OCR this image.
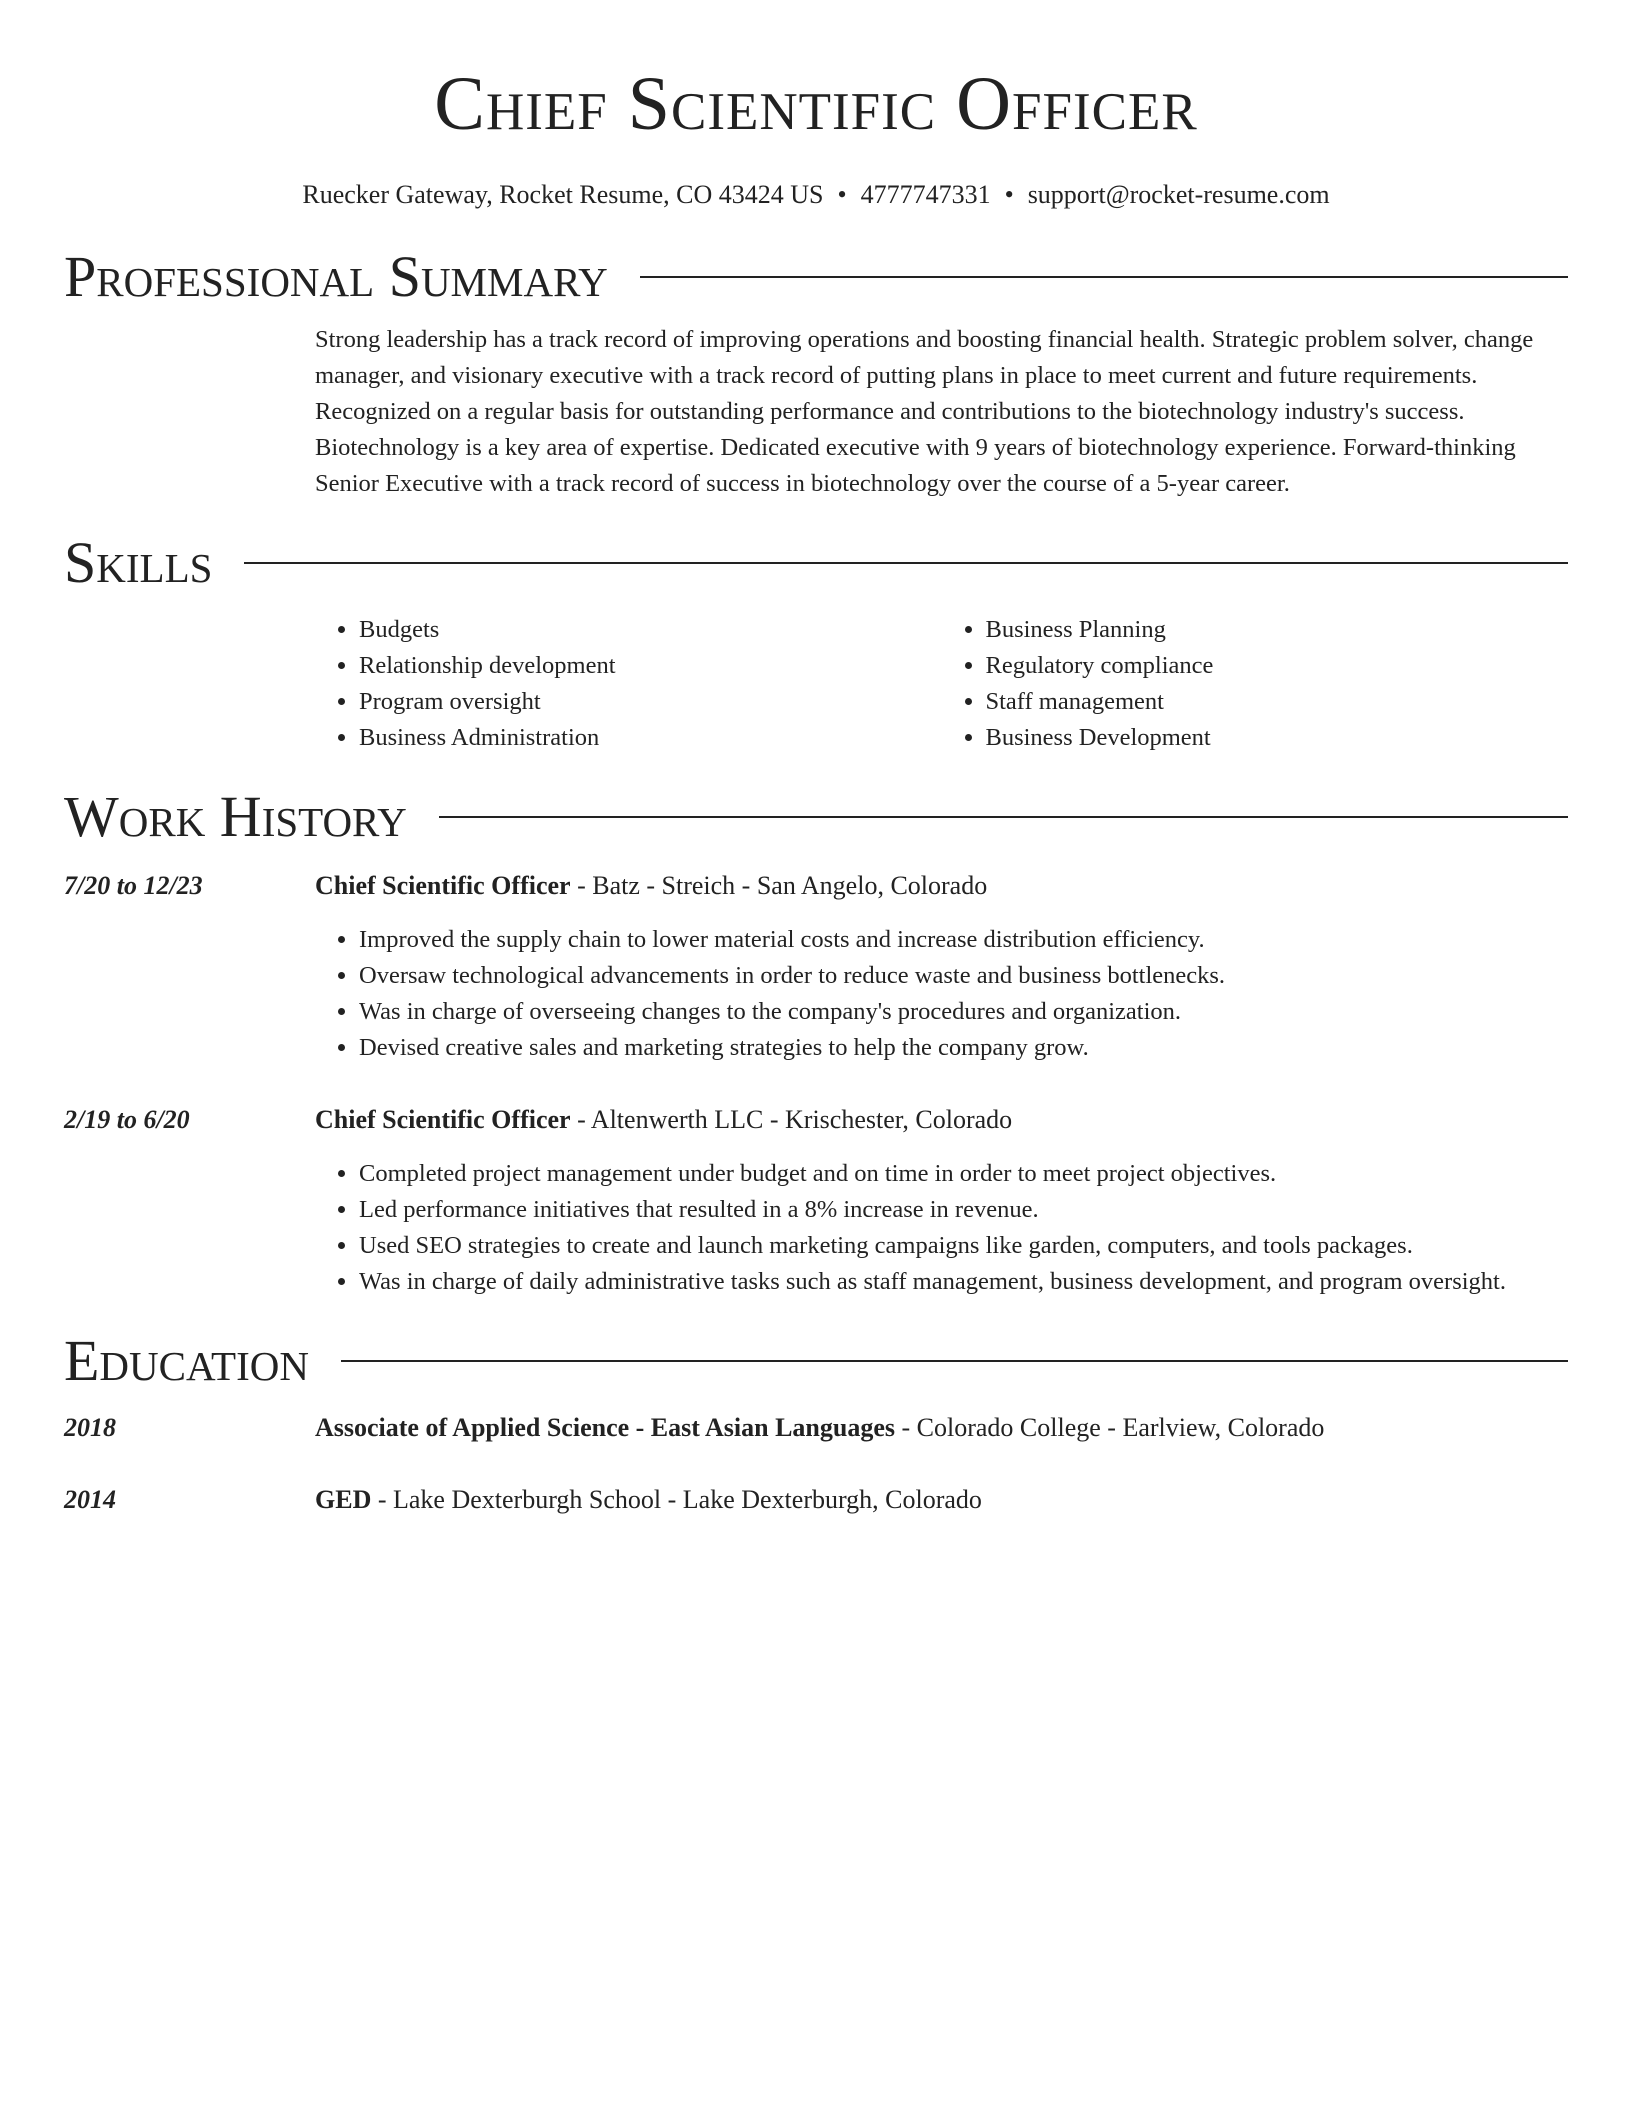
Chief Scientific Officer
Ruecker Gateway, Rocket Resume, CO 43424 US • 4777747331 • support@rocket-resume.com
Professional Summary
Strong leadership has a track record of improving operations and boosting financial health. Strategic problem solver, change manager, and visionary executive with a track record of putting plans in place to meet current and future requirements. Recognized on a regular basis for outstanding performance and contributions to the biotechnology industry's success. Biotechnology is a key area of expertise. Dedicated executive with 9 years of biotechnology experience. Forward-thinking Senior Executive with a track record of success in biotechnology over the course of a 5-year career.
Skills
• Budgets
• Relationship development
• Program oversight
• Business Administration
• Business Planning
• Regulatory compliance
• Staff management
• Business Development
Work History
7/20 to 12/23	Chief Scientific Officer - Batz - Streich - San Angelo, Colorado
• Improved the supply chain to lower material costs and increase distribution efficiency.
• Oversaw technological advancements in order to reduce waste and business bottlenecks.
• Was in charge of overseeing changes to the company's procedures and organization.
• Devised creative sales and marketing strategies to help the company grow.
2/19 to 6/20	Chief Scientific Officer - Altenwerth LLC - Krischester, Colorado
• Completed project management under budget and on time in order to meet project objectives.
• Led performance initiatives that resulted in a 8% increase in revenue.
• Used SEO strategies to create and launch marketing campaigns like garden, computers, and tools packages.
• Was in charge of daily administrative tasks such as staff management, business development, and program oversight.
Education
2018	Associate of Applied Science - East Asian Languages - Colorado College - Earlview, Colorado
2014	GED - Lake Dexterburgh School - Lake Dexterburgh, Colorado
